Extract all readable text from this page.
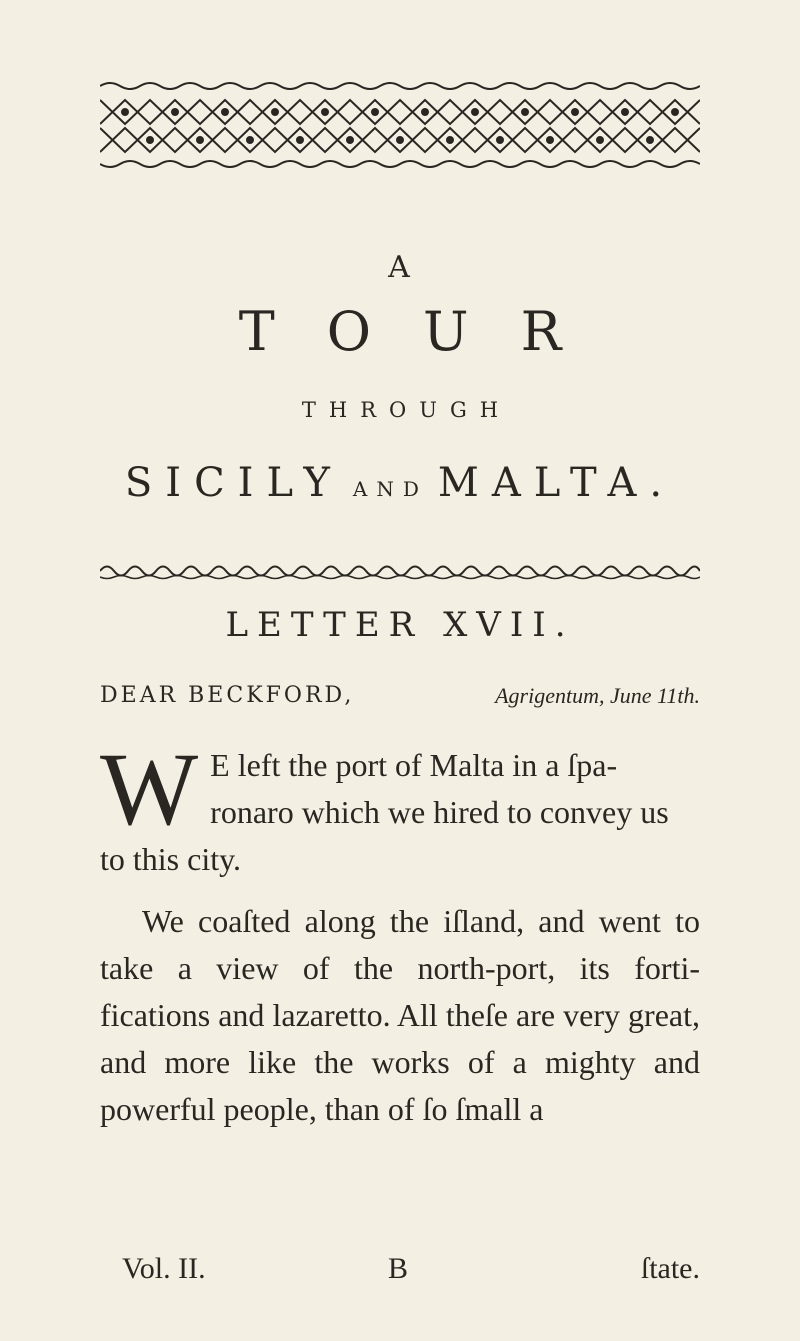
A
TOUR
THROUGH
SICILY AND MALTA.
LETTER XVII.
DEAR BECKFORD,	Agrigentum, June 11th.
W E left the port of Malta in a ſpa- ronaro which we hired to convey us to this city.
We coaſted along the iſland, and went to take a view of the north-port, its forti- fications and lazaretto. All theſe are very great, and more like the works of a mighty and powerful people, than of ſo ſmall a
Vol. II.	B	ſtate.
